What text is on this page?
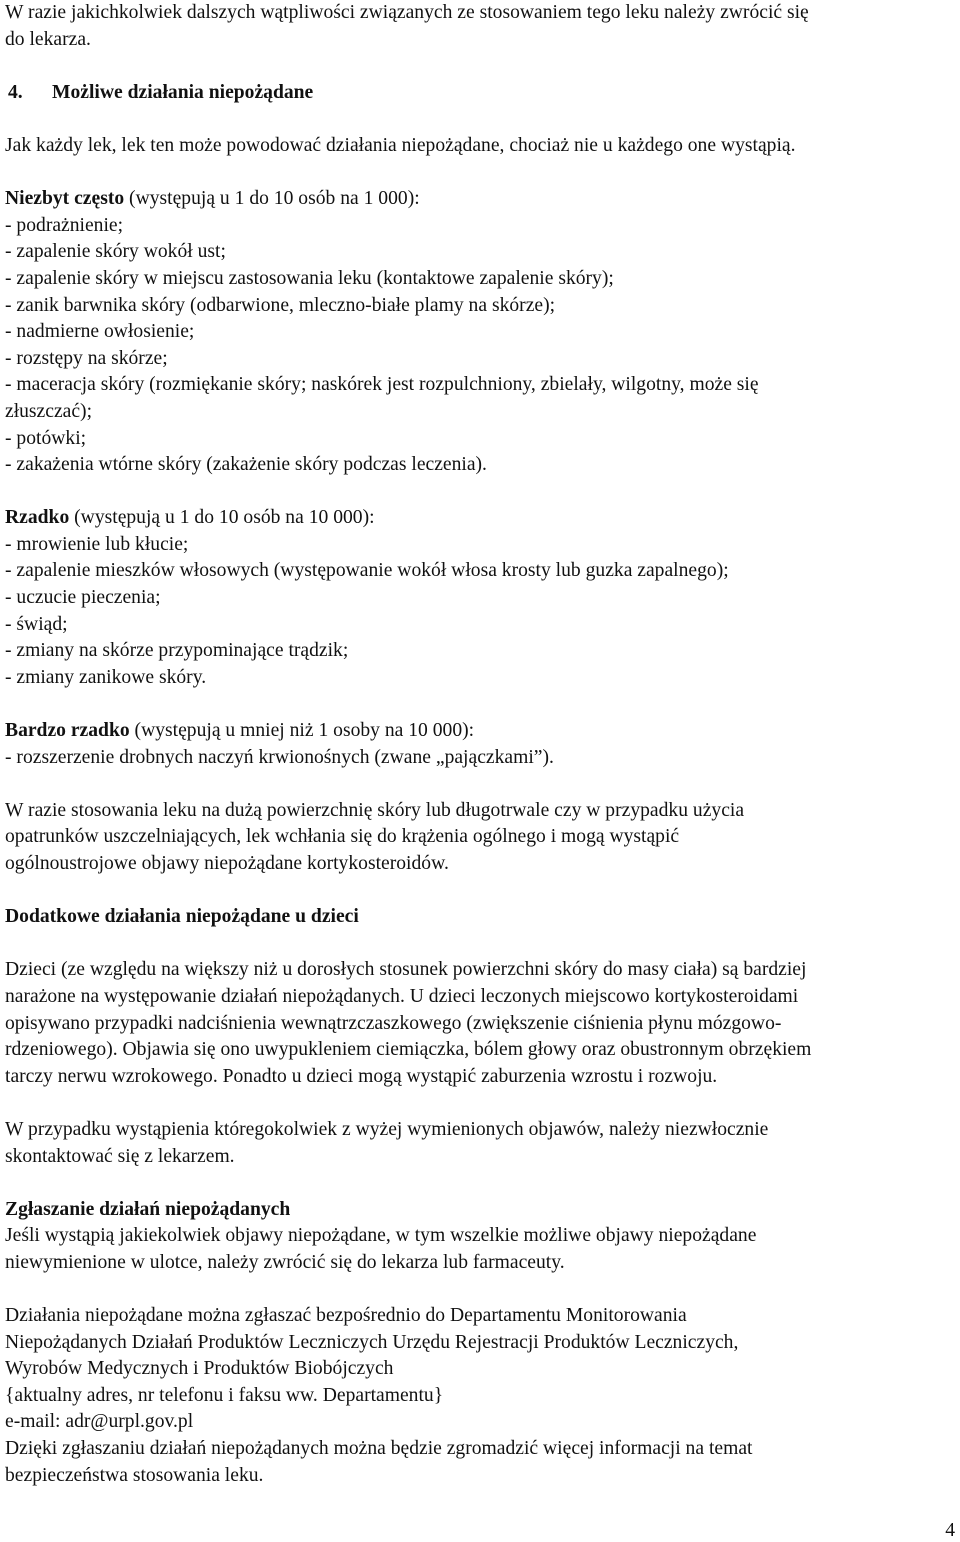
W razie jakichkolwiek dalszych wątpliwości związanych ze stosowaniem tego leku należy zwrócić się
do lekarza.
4. Możliwe działania niepożądane
Jak każdy lek, lek ten może powodować działania niepożądane, chociaż nie u każdego one wystąpią.
Niezbyt często (występują u 1 do 10 osób na 1 000):
- podrażnienie;
- zapalenie skóry wokół ust;
- zapalenie skóry w miejscu zastosowania leku (kontaktowe zapalenie skóry);
- zanik barwnika skóry (odbarwione, mleczno-białe plamy na skórze);
- nadmierne owłosienie;
- rozstępy na skórze;
- maceracja skóry (rozmiękanie skóry; naskórek jest rozpulchniony, zbielały, wilgotny, może się
złuszczać);
- potówki;
- zakażenia wtórne skóry (zakażenie skóry podczas leczenia).
Rzadko (występują u 1 do 10 osób na 10 000):
- mrowienie lub kłucie;
- zapalenie mieszków włosowych (występowanie wokół włosa krosty lub guzka zapalnego);
- uczucie pieczenia;
- świąd;
- zmiany na skórze przypominające trądzik;
- zmiany zanikowe skóry.
Bardzo rzadko (występują u mniej niż 1 osoby na 10 000):
- rozszerzenie drobnych naczyń krwionośnych (zwane „pajączkami”).
W razie stosowania leku na dużą powierzchnię skóry lub długotrwale czy w przypadku użycia
opatrunków uszczelniających, lek wchłania się do krążenia ogólnego i mogą wystąpić
ogólnoustrojowe objawy niepożądane kortykosteroidów.
Dodatkowe działania niepożądane u dzieci
Dzieci (ze względu na większy niż u dorosłych stosunek powierzchni skóry do masy ciała) są bardziej
narażone na występowanie działań niepożądanych. U dzieci leczonych miejscowo kortykosteroidami
opisywano przypadki nadciśnienia wewnątrzczaszkowego (zwiększenie ciśnienia płynu mózgowo-
rdzeniowego). Objawia się ono uwypukleniem ciemiączka, bólem głowy oraz obustronnym obrzękiem
tarczy nerwu wzrokowego. Ponadto u dzieci mogą wystąpić zaburzenia wzrostu i rozwoju.
W przypadku wystąpienia któregokolwiek z wyżej wymienionych objawów, należy niezwłocznie
skontaktować się z lekarzem.
Zgłaszanie działań niepożądanych
Jeśli wystąpią jakiekolwiek objawy niepożądane, w tym wszelkie możliwe objawy niepożądane
niewymienione w ulotce, należy zwrócić się do lekarza lub farmaceuty.
Działania niepożądane można zgłaszać bezpośrednio do Departamentu Monitorowania
Niepożądanych Działań Produktów Leczniczych Urzędu Rejestracji Produktów Leczniczych,
Wyrobów Medycznych i Produktów Biobójczych
{aktualny adres, nr telefonu i faksu ww. Departamentu}
e-mail: adr@urpl.gov.pl
Dzięki zgłaszaniu działań niepożądanych można będzie zgromadzić więcej informacji na temat
bezpieczeństwa stosowania leku.
4
